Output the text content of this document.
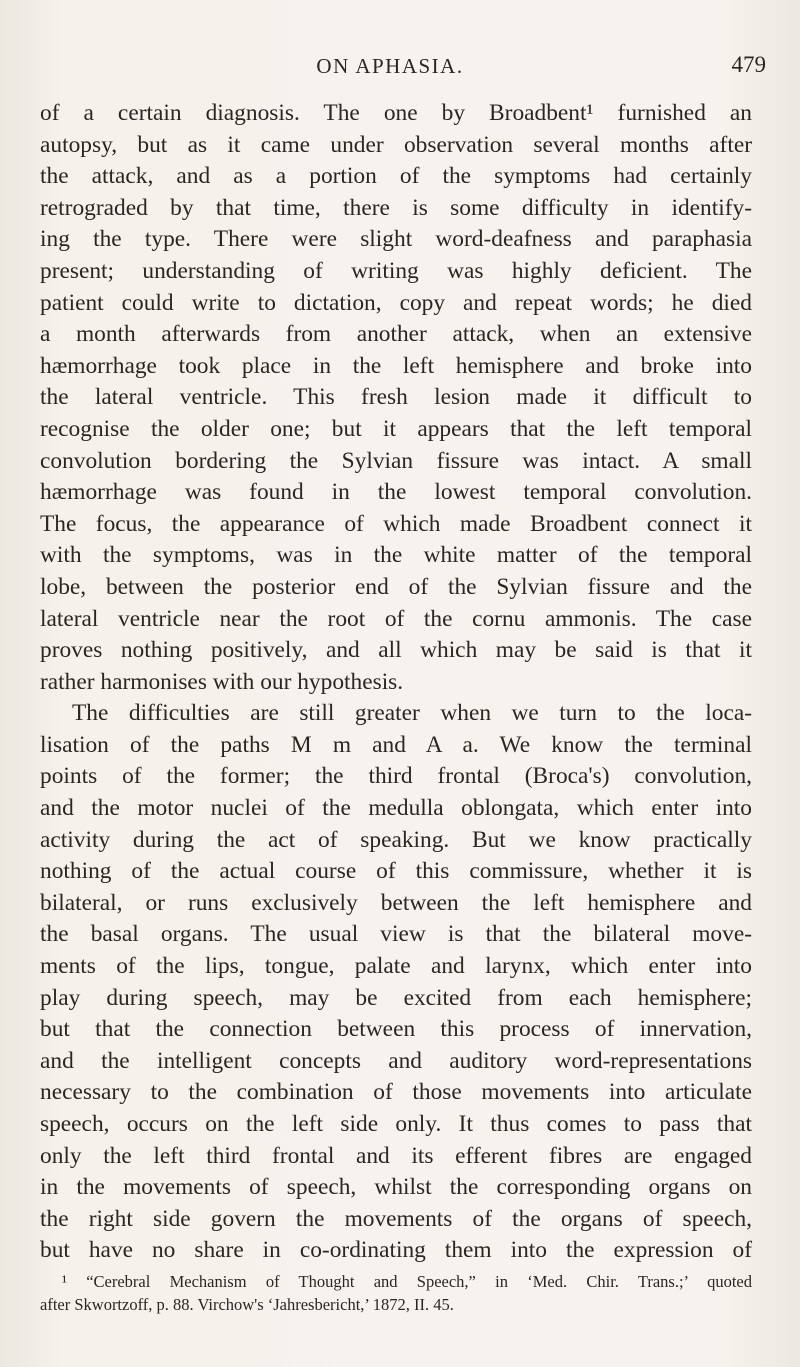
ON APHASIA.	479
of a certain diagnosis. The one by Broadbent¹ furnished an
autopsy, but as it came under observation several months after
the attack, and as a portion of the symptoms had certainly
retrograded by that time, there is some difficulty in identify-
ing the type. There were slight word-deafness and paraphasia
present; understanding of writing was highly deficient. The
patient could write to dictation, copy and repeat words; he died
a month afterwards from another attack, when an extensive
hæmorrhage took place in the left hemisphere and broke into
the lateral ventricle. This fresh lesion made it difficult to
recognise the older one; but it appears that the left temporal
convolution bordering the Sylvian fissure was intact. A small
hæmorrhage was found in the lowest temporal convolution.
The focus, the appearance of which made Broadbent connect it
with the symptoms, was in the white matter of the temporal
lobe, between the posterior end of the Sylvian fissure and the
lateral ventricle near the root of the cornu ammonis. The case
proves nothing positively, and all which may be said is that it
rather harmonises with our hypothesis.
The difficulties are still greater when we turn to the loca-
lisation of the paths M m and A a. We know the terminal
points of the former; the third frontal (Broca's) convolution,
and the motor nuclei of the medulla oblongata, which enter into
activity during the act of speaking. But we know practically
nothing of the actual course of this commissure, whether it is
bilateral, or runs exclusively between the left hemisphere and
the basal organs. The usual view is that the bilateral move-
ments of the lips, tongue, palate and larynx, which enter into
play during speech, may be excited from each hemisphere;
but that the connection between this process of innervation,
and the intelligent concepts and auditory word-representations
necessary to the combination of those movements into articulate
speech, occurs on the left side only. It thus comes to pass that
only the left third frontal and its efferent fibres are engaged
in the movements of speech, whilst the corresponding organs on
the right side govern the movements of the organs of speech,
but have no share in co-ordinating them into the expression of
¹ “Cerebral Mechanism of Thought and Speech,” in ‘Med. Chir. Trans.;’ quoted
after Skwortzoff, p. 88. Virchow's ‘Jahresbericht,’ 1872, II. 45.
